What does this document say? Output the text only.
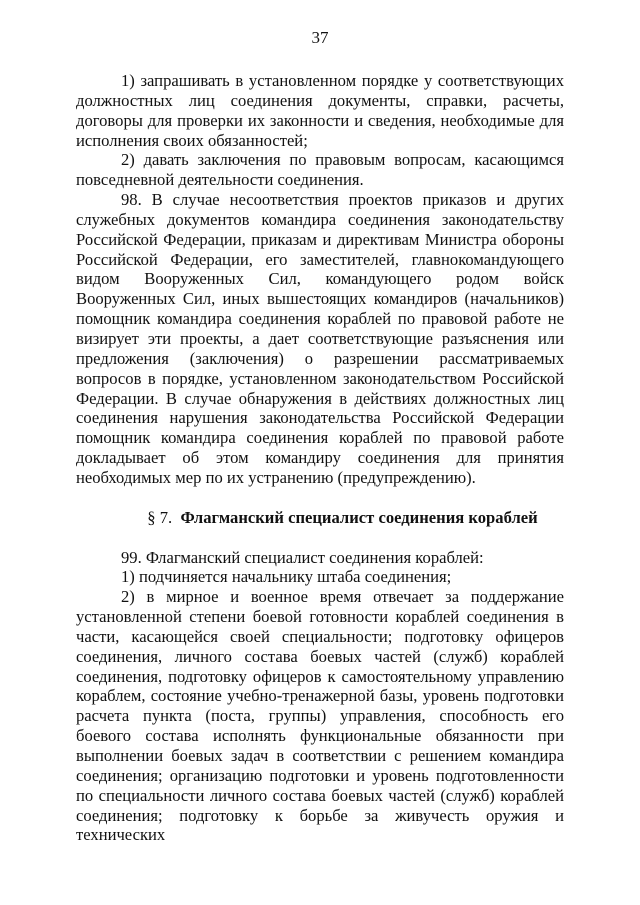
37

1) запрашивать в установленном порядке у соответствующих должностных лиц соединения документы, справки, расчеты, договоры для проверки их законности и сведения, необходимые для исполнения своих обязанностей;

2) давать заключения по правовым вопросам, касающимся повседневной деятельности соединения.

98. В случае несоответствия проектов приказов и других служебных документов командира соединения законодательству Российской Федерации, приказам и директивам Министра обороны Российской Федерации, его заместителей, главнокомандующего видом Вооруженных Сил, командующего родом войск Вооруженных Сил, иных вышестоящих командиров (начальников) помощник командира соединения кораблей по правовой работе не визирует эти проекты, а дает соответствующие разъяснения или предложения (заключения) о разрешении рассматриваемых вопросов в порядке, установленном законодательством Российской Федерации. В случае обнаружения в действиях должностных лиц соединения нарушения законодательства Российской Федерации помощник командира соединения кораблей по правовой работе докладывает об этом командиру соединения для принятия необходимых мер по их устранению (предупреждению).

§ 7. Флагманский специалист соединения кораблей

99. Флагманский специалист соединения кораблей:

1) подчиняется начальнику штаба соединения;

2) в мирное и военное время отвечает за поддержание установленной степени боевой готовности кораблей соединения в части, касающейся своей специальности; подготовку офицеров соединения, личного состава боевых частей (служб) кораблей соединения, подготовку офицеров к самостоятельному управлению кораблем, состояние учебно-тренажерной базы, уровень подготовки расчета пункта (поста, группы) управления, способность его боевого состава исполнять функциональные обязанности при выполнении боевых задач в соответствии с решением командира соединения; организацию подготовки и уровень подготовленности по специальности личного состава боевых частей (служб) кораблей соединения; подготовку к борьбе за живучесть оружия и технических
